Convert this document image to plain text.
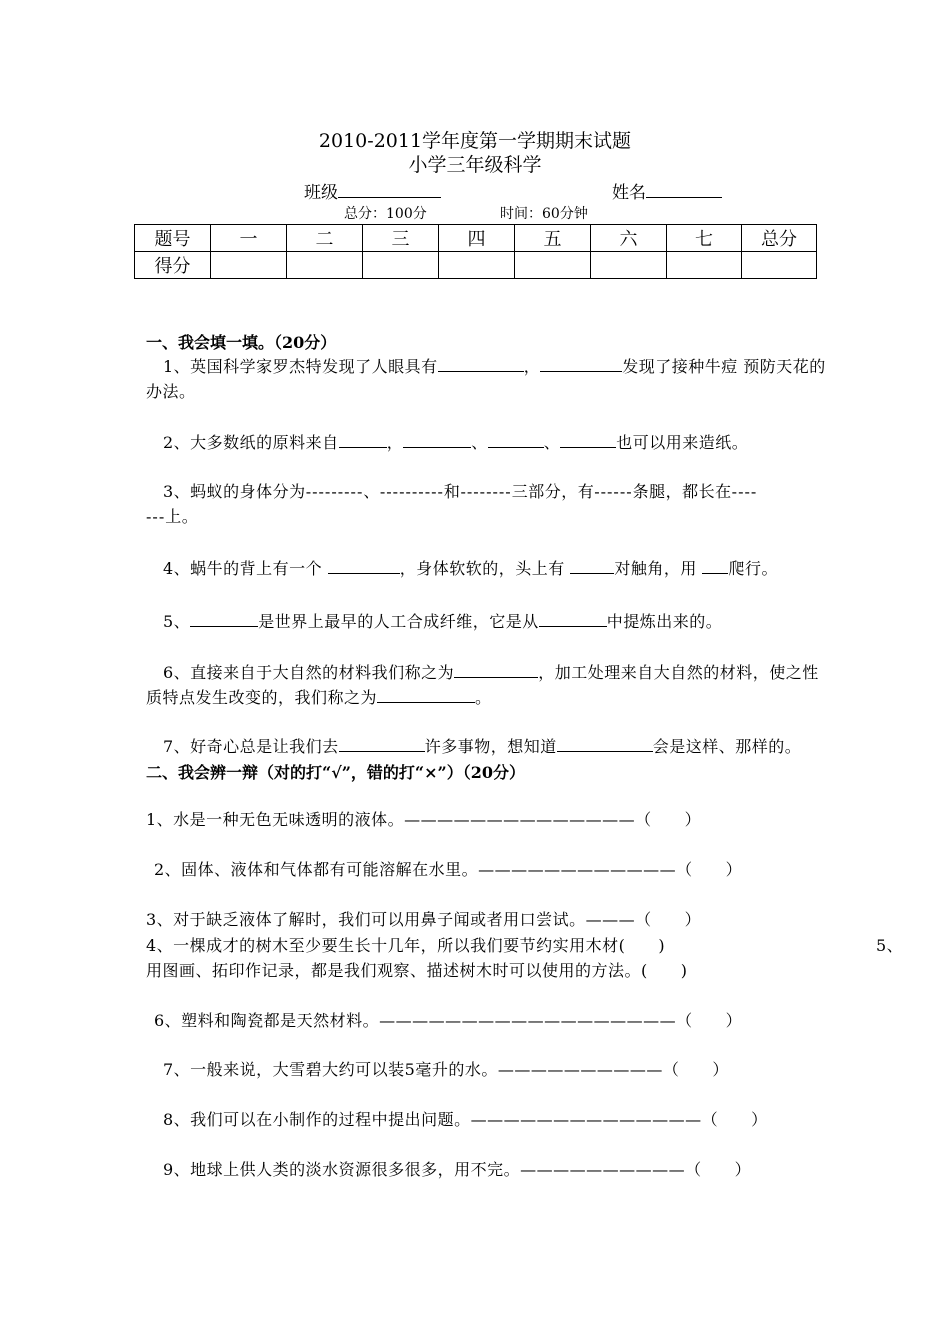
2010-2011学年度第一学期期末试题
小学三年级科学
班级	姓名
总分：100分	时间：60分钟
题号	一	二	三	四	五	六	七	总分
得分								
一、我会填一填。（20分）
1、英国科学家罗杰特发现了人眼具有	，	发现了接种牛痘 预防天花的
办法。
2、大多数纸的原料来自	，	、	、	也可以用来造纸。
3、蚂蚁的身体分为---------、----------和--------三部分，有------条腿，都长在----
---上。
4、蜗牛的背上有一个	，身体软软的，头上有	对触角，用 爬行。
5、	是世界上最早的人工合成纤维，它是从	中提炼出来的。
6、直接来自于大自然的材料我们称之为	，加工处理来自大自然的材料，使之性
质特点发生改变的，我们称之为	。
7、好奇心总是让我们去	许多事物，想知道	会是这样、那样的。
二、我会辨一辩（对的打“√”，错的打“×”）（20分）
1、水是一种无色无味透明的液体。——————————————（　　）
2、固体、液体和气体都有可能溶解在水里。————————————（　　）
3、对于缺乏液体了解时，我们可以用鼻子闻或者用口尝试。———（　　）
4、一棵成才的树木至少要生长十几年，所以我们要节约实用木材(　　)	5、
用图画、拓印作记录，都是我们观察、描述树木时可以使用的方法。(　　)
6、塑料和陶瓷都是天然材料。——————————————————（　　）
7、一般来说，大雪碧大约可以装5毫升的水。——————————（　　）
8、我们可以在小制作的过程中提出问题。——————————————（　　）
9、地球上供人类的淡水资源很多很多，用不完。——————————（　　）
